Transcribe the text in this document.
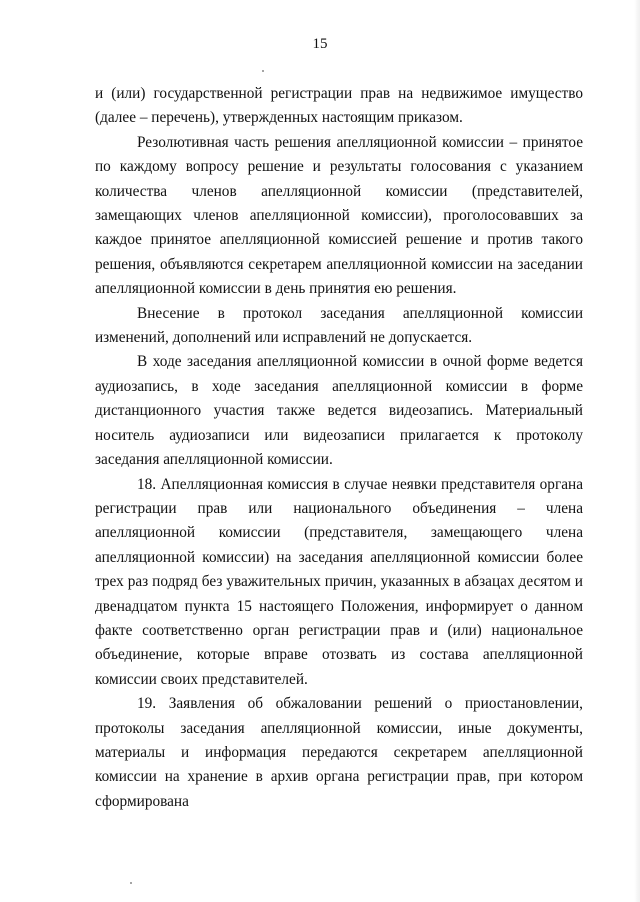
15

и (или) государственной регистрации прав на недвижимое имущество (далее – перечень), утвержденных настоящим приказом.

Резолютивная часть решения апелляционной комиссии – принятое по каждому вопросу решение и результаты голосования с указанием количества членов апелляционной комиссии (представителей, замещающих членов апелляционной комиссии), проголосовавших за каждое принятое апелляционной комиссией решение и против такого решения, объявляются секретарем апелляционной комиссии на заседании апелляционной комиссии в день принятия ею решения.

Внесение в протокол заседания апелляционной комиссии изменений, дополнений или исправлений не допускается.

В ходе заседания апелляционной комиссии в очной форме ведется аудиозапись, в ходе заседания апелляционной комиссии в форме дистанционного участия также ведется видеозапись. Материальный носитель аудиозаписи или видеозаписи прилагается к протоколу заседания апелляционной комиссии.

18. Апелляционная комиссия в случае неявки представителя органа регистрации прав или национального объединения – члена апелляционной комиссии (представителя, замещающего члена апелляционной комиссии) на заседания апелляционной комиссии более трех раз подряд без уважительных причин, указанных в абзацах десятом и двенадцатом пункта 15 настоящего Положения, информирует о данном факте соответственно орган регистрации прав и (или) национальное объединение, которые вправе отозвать из состава апелляционной комиссии своих представителей.

19. Заявления об обжаловании решений о приостановлении, протоколы заседания апелляционной комиссии, иные документы, материалы и информация передаются секретарем апелляционной комиссии на хранение в архив органа регистрации прав, при котором сформирована
